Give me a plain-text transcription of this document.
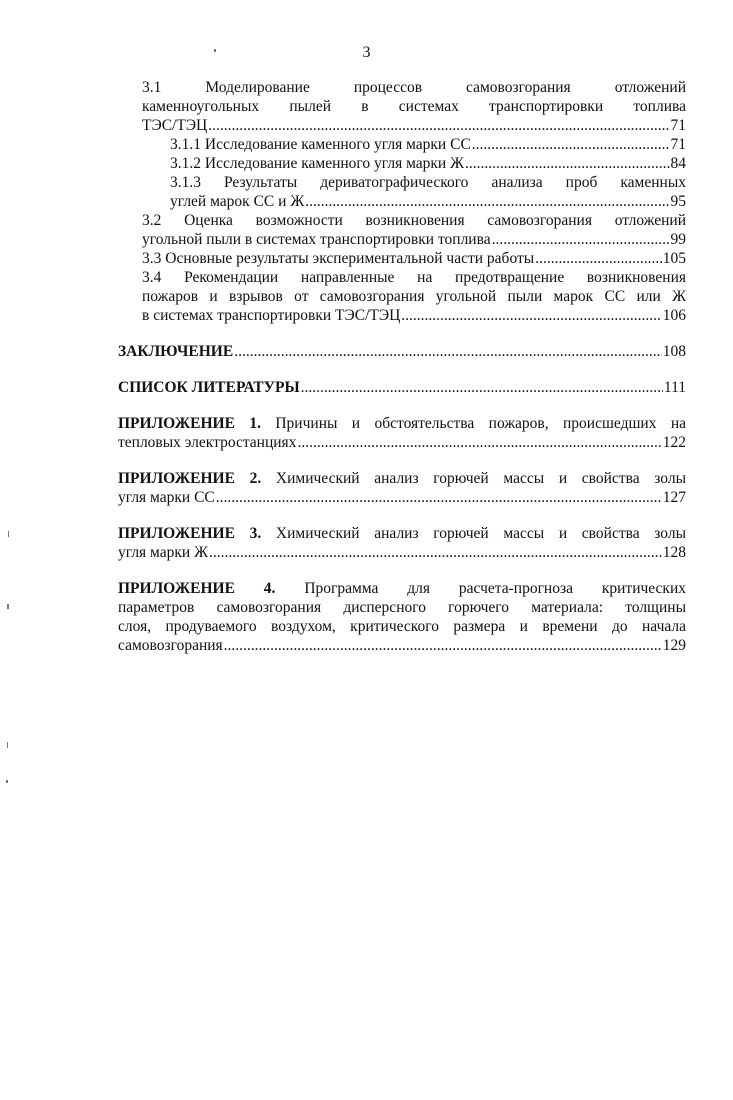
3
3.1 Моделирование процессов самовозгорания отложений
каменноугольных пылей в системах транспортировки топлива
ТЭС/ТЭЦ .....	71
3.1.1 Исследование каменного угля марки СС .....	71
3.1.2 Исследование каменного угля марки Ж .....	84
3.1.3 Результаты дериватографического анализа проб каменных
углей марок СС и Ж .....	95
3.2 Оценка возможности возникновения самовозгорания отложений
угольной пыли в системах транспортировки топлива .....	99
3.3 Основные результаты экспериментальной части работы .....	105
3.4 Рекомендации направленные на предотвращение возникновения
пожаров и взрывов от самовозгорания угольной пыли марок СС или Ж
в системах транспортировки ТЭС/ТЭЦ .....	106
ЗАКЛЮЧЕНИЕ .....	108
СПИСОК ЛИТЕРАТУРЫ .....	111
ПРИЛОЖЕНИЕ 1. Причины и обстоятельства пожаров, происшедших на
тепловых электростанциях .....	122
ПРИЛОЖЕНИЕ 2. Химический анализ горючей массы и свойства золы
угля марки СС .....	127
ПРИЛОЖЕНИЕ 3. Химический анализ горючей массы и свойства золы
угля марки Ж .....	128
ПРИЛОЖЕНИЕ 4. Программа для расчета-прогноза критических
параметров самовозгорания дисперсного горючего материала: толщины
слоя, продуваемого воздухом, критического размера и времени до начала
самовозгорания .....	129
